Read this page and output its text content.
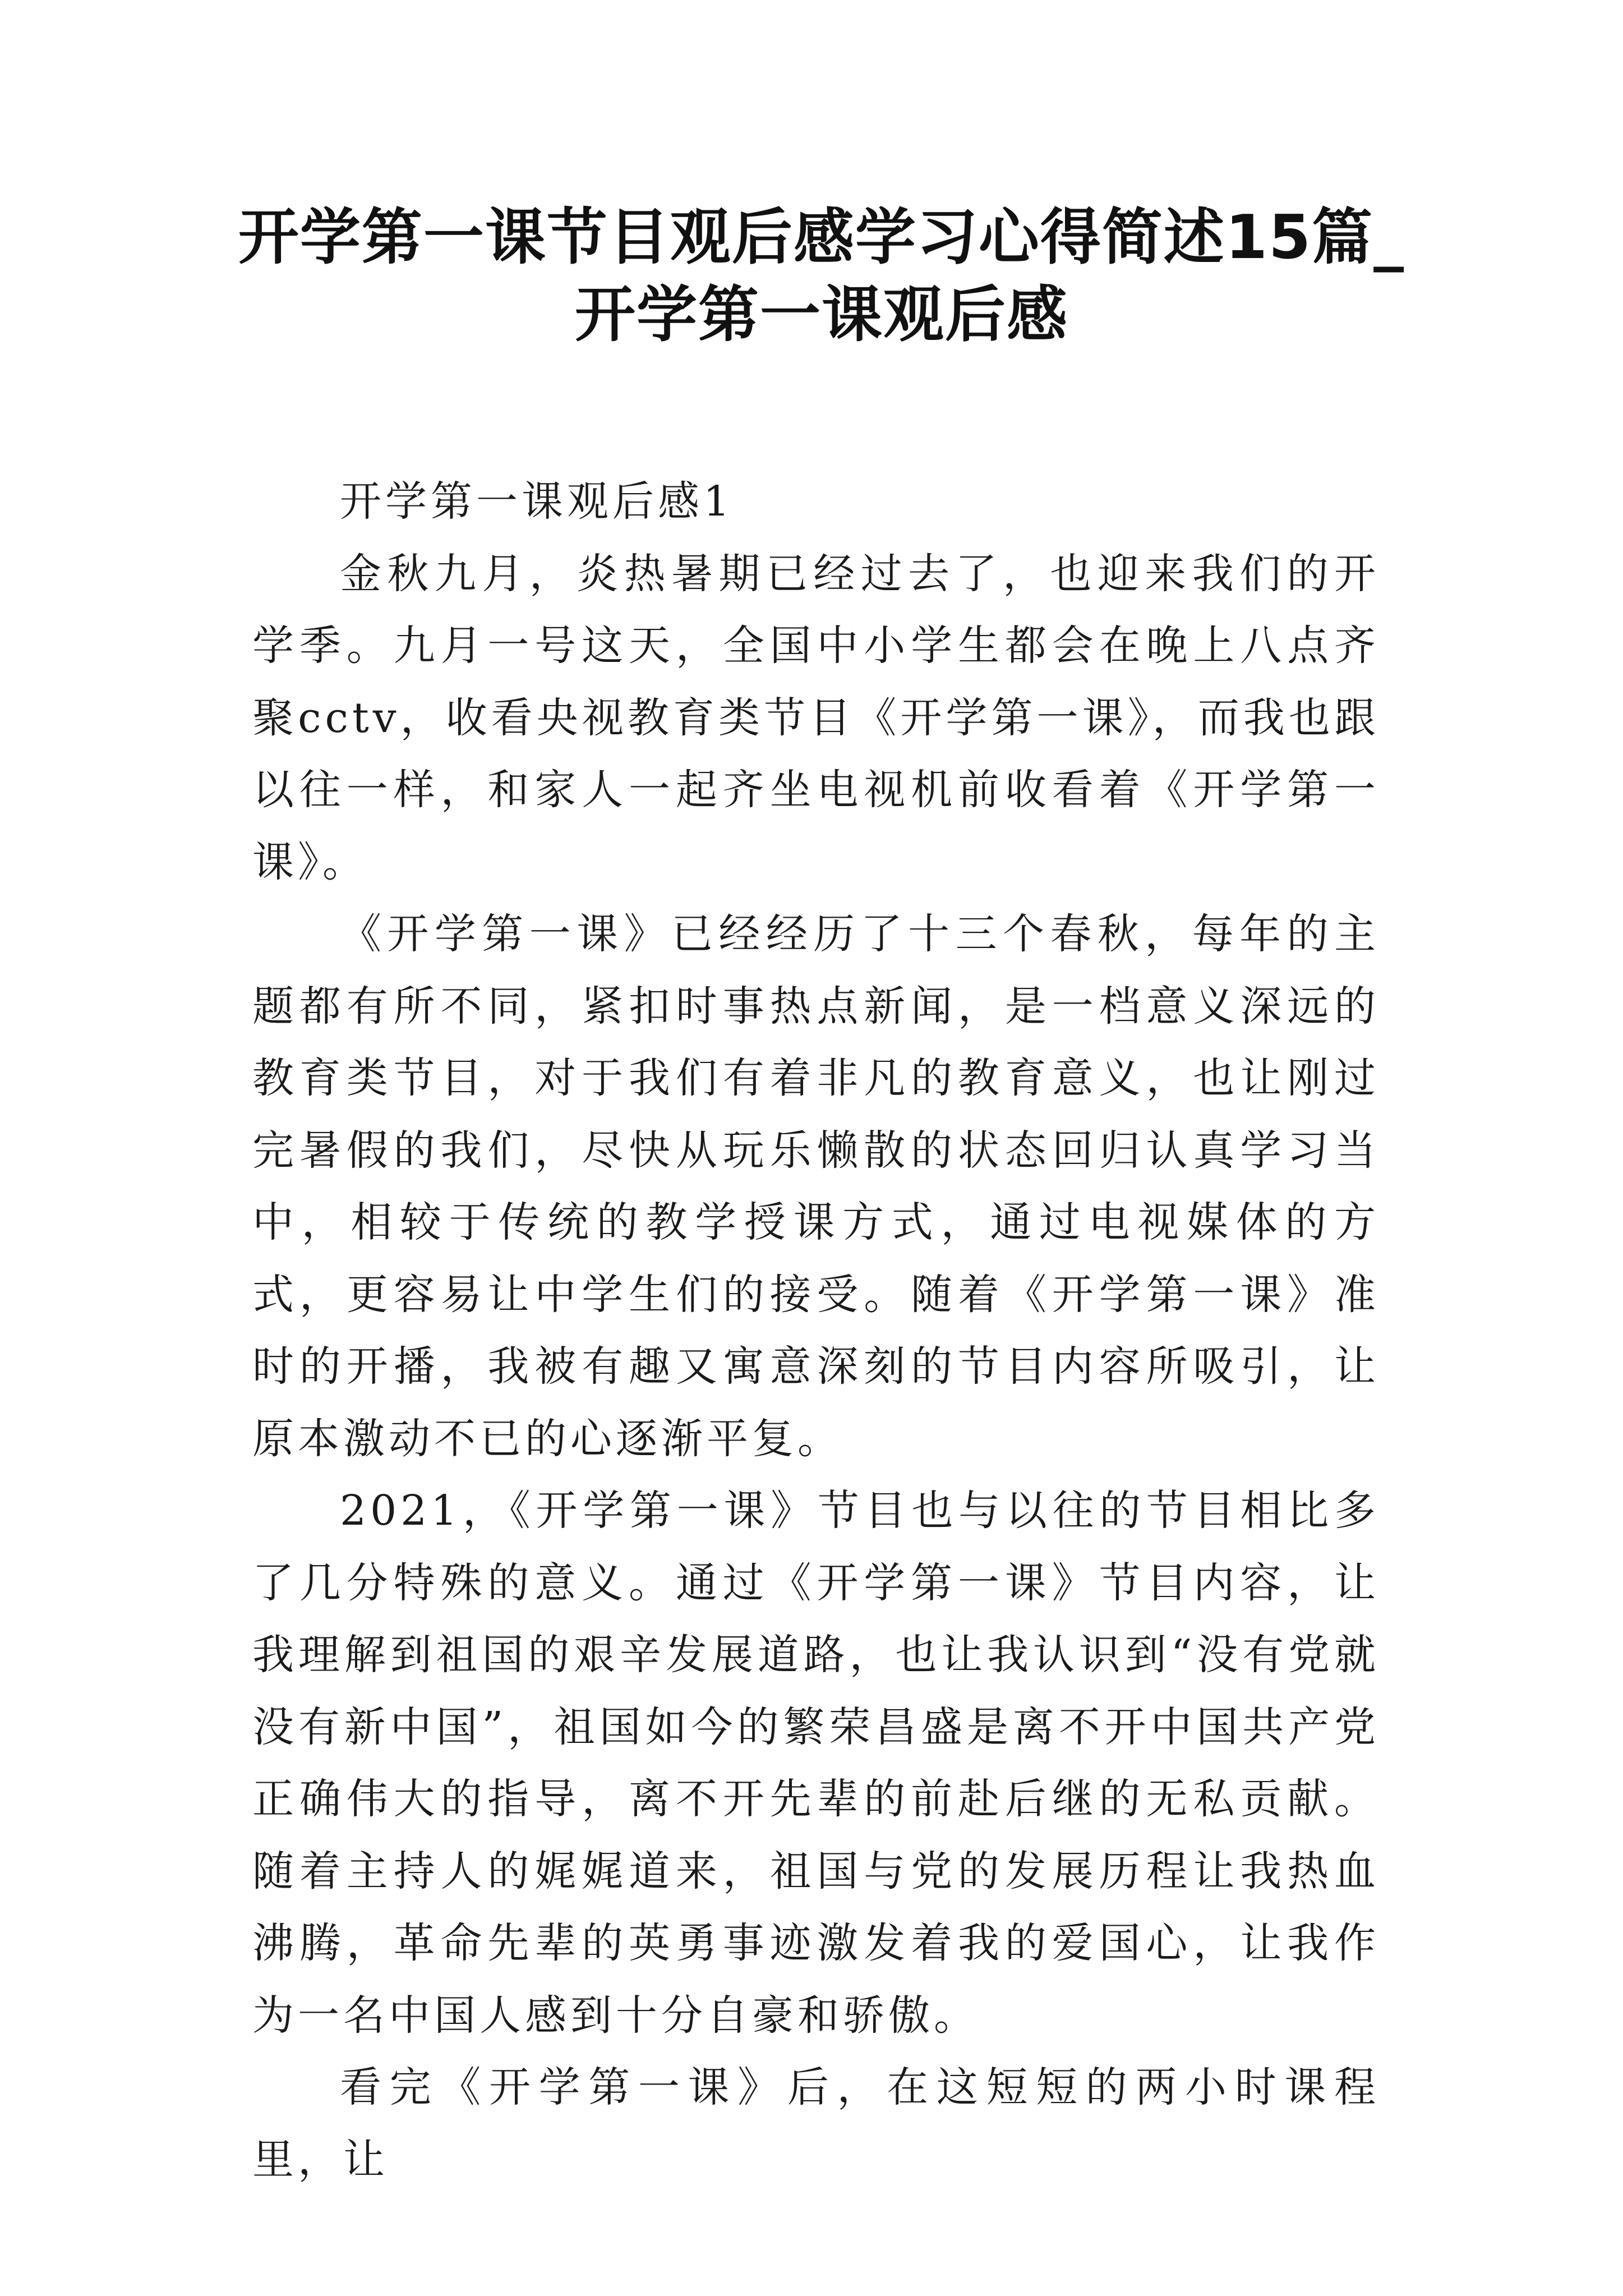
开学第一课节目观后感学习心得简述15篇_
开学第一课观后感

开学第一课观后感1

金秋九月，炎热暑期已经过去了，也迎来我们的开学季。九月一号这天，全国中小学生都会在晚上八点齐聚cctv，收看央视教育类节目《开学第一课》，而我也跟以往一样，和家人一起齐坐电视机前收看着《开学第一课》。

《开学第一课》已经经历了十三个春秋，每年的主题都有所不同，紧扣时事热点新闻，是一档意义深远的教育类节目，对于我们有着非凡的教育意义，也让刚过完暑假的我们，尽快从玩乐懒散的状态回归认真学习当中，相较于传统的教学授课方式，通过电视媒体的方式，更容易让中学生们的接受。随着《开学第一课》准时的开播，我被有趣又寓意深刻的节目内容所吸引，让原本激动不已的心逐渐平复。

2021，《开学第一课》节目也与以往的节目相比多了几分特殊的意义。通过《开学第一课》节目内容，让我理解到祖国的艰辛发展道路，也让我认识到“没有党就没有新中国”，祖国如今的繁荣昌盛是离不开中国共产党正确伟大的指导，离不开先辈的前赴后继的无私贡献。随着主持人的娓娓道来，祖国与党的发展历程让我热血沸腾，革命先辈的英勇事迹激发着我的爱国心，让我作为一名中国人感到十分自豪和骄傲。

看完《开学第一课》后，在这短短的两小时课程里，让
